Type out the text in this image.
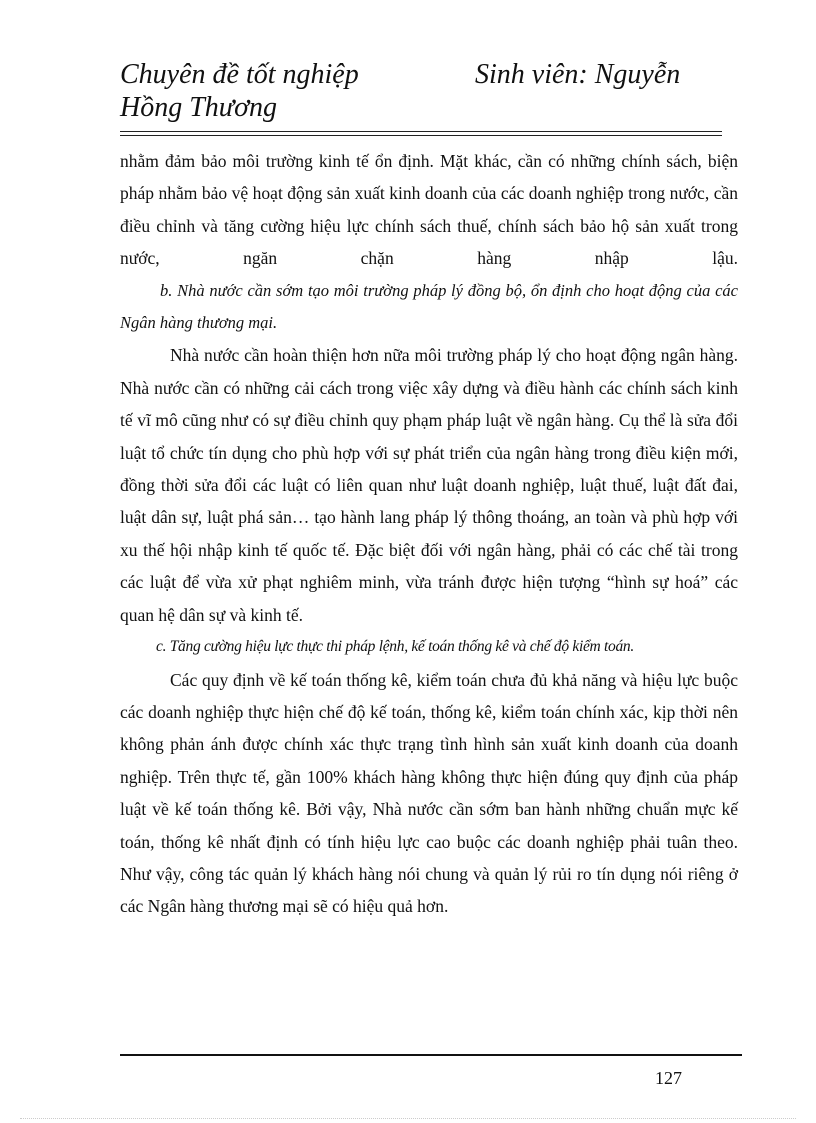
Chuyên đề tốt nghiệp	Sinh viên: Nguyễn
Hồng Thương

nhằm đảm bảo môi trường kinh tế ổn định. Mặt khác, cần có những chính sách, biện pháp nhằm bảo vệ hoạt động sản xuất kinh doanh của các doanh nghiệp trong nước, cần điều chỉnh và tăng cường hiệu lực chính sách thuế, chính sách bảo hộ sản xuất trong nước, ngăn chặn hàng nhập lậu.

b. Nhà nước cần sớm tạo môi trường pháp lý đồng bộ, ổn định cho hoạt động của các Ngân hàng thương mại.

Nhà nước cần hoàn thiện hơn nữa môi trường pháp lý cho hoạt động ngân hàng. Nhà nước cần có những cải cách trong việc xây dựng và điều hành các chính sách kinh tế vĩ mô cũng như có sự điều chỉnh quy phạm pháp luật về ngân hàng. Cụ thể là sửa đổi luật tổ chức tín dụng cho phù hợp với sự phát triển của ngân hàng trong điều kiện mới, đồng thời sửa đổi các luật có liên quan như luật doanh nghiệp, luật thuế, luật đất đai, luật dân sự, luật phá sản… tạo hành lang pháp lý thông thoáng, an toàn và phù hợp với xu thế hội nhập kinh tế quốc tế. Đặc biệt đối với ngân hàng, phải có các chế tài trong các luật để vừa xử phạt nghiêm minh, vừa tránh được hiện tượng “hình sự hoá” các quan hệ dân sự và kinh tế.

c. Tăng cường hiệu lực thực thi pháp lệnh, kế toán thống kê và chế độ kiểm toán.

Các quy định về kế toán thống kê, kiểm toán chưa đủ khả năng và hiệu lực buộc các doanh nghiệp thực hiện chế độ kế toán, thống kê, kiểm toán chính xác, kịp thời nên không phản ánh được chính xác thực trạng tình hình sản xuất kinh doanh của doanh nghiệp. Trên thực tế, gần 100% khách hàng không thực hiện đúng quy định của pháp luật về kế toán thống kê. Bởi vậy, Nhà nước cần sớm ban hành những chuẩn mực kế toán, thống kê nhất định có tính hiệu lực cao buộc các doanh nghiệp phải tuân theo. Như vậy, công tác quản lý khách hàng nói chung và quản lý rủi ro tín dụng nói riêng ở các Ngân hàng thương mại sẽ có hiệu quả hơn.

127
